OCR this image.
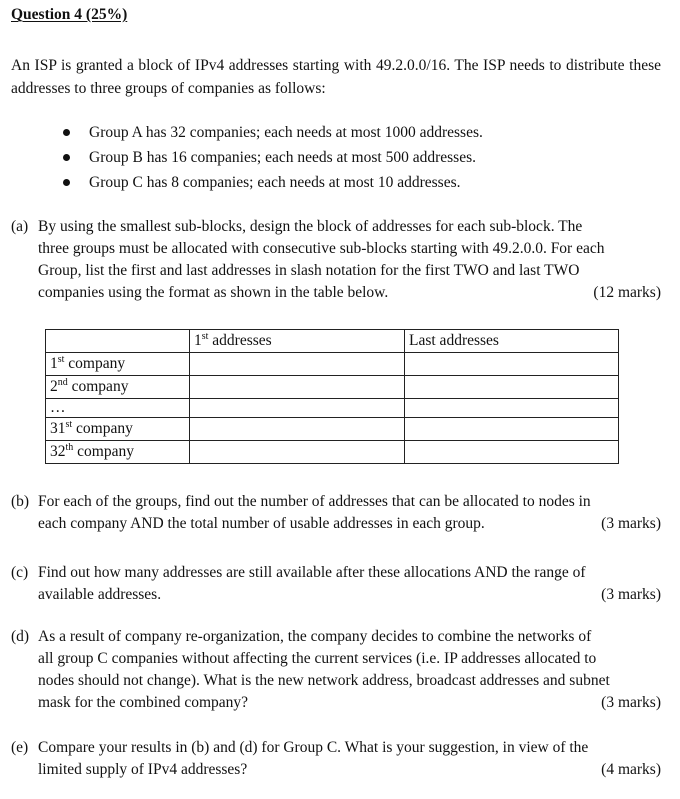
Question 4 (25%)
An ISP is granted a block of IPv4 addresses starting with 49.2.0.0/16. The ISP needs to distribute these addresses to three groups of companies as follows:
Group A has 32 companies; each needs at most 1000 addresses.
Group B has 16 companies; each needs at most 500 addresses.
Group C has 8 companies; each needs at most 10 addresses.
(a) By using the smallest sub-blocks, design the block of addresses for each sub-block. The
three groups must be allocated with consecutive sub-blocks starting with 49.2.0.0. For each
Group, list the first and last addresses in slash notation for the first TWO and last TWO
companies using the format as shown in the table below.	(12 marks)
	1st addresses	Last addresses
1st company		
2nd company		
…		
31st company		
32th company		
(b) For each of the groups, find out the number of addresses that can be allocated to nodes in
each company AND the total number of usable addresses in each group.	(3 marks)
(c) Find out how many addresses are still available after these allocations AND the range of
available addresses.	(3 marks)
(d) As a result of company re-organization, the company decides to combine the networks of
all group C companies without affecting the current services (i.e. IP addresses allocated to
nodes should not change). What is the new network address, broadcast addresses and subnet
mask for the combined company?	(3 marks)
(e) Compare your results in (b) and (d) for Group C. What is your suggestion, in view of the
limited supply of IPv4 addresses?	(4 marks)
